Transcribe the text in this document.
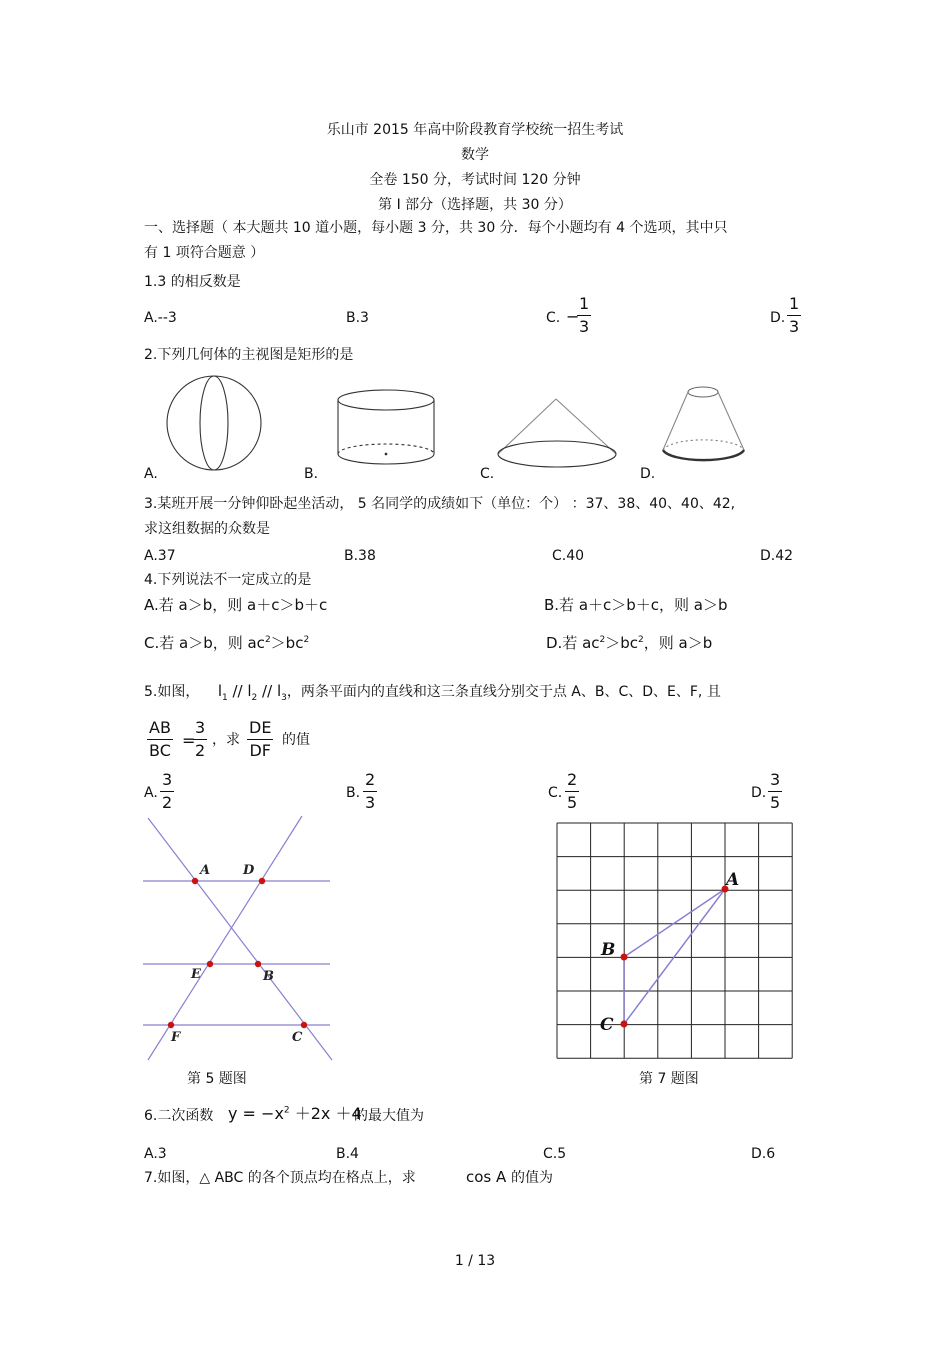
乐山市 2015 年高中阶段教育学校统一招生考试
数学
全卷 150 分，考试时间 120 分钟
第 I 部分（选择题，共 30 分）
一、选择题（ 本大题共 10 道小题，每小题 3 分，共 30 分．每个小题均有 4 个选项，其中只
有 1 项符合题意 ）
1.3 的相反数是
A.--3	B.3	C. −
$\frac{1}{3}$	D. $\frac{1}{3}$
2.下列几何体的主视图是矩形的是
A.	B．	C.	D.
3.某班开展一分钟仰卧起坐活动， 5 名同学的成绩如下（单位：个） ：37、38、40、40、42,
求这组数据的众数是
A.37	B.38	C.40	D.42
4.下列说法不一定成立的是
A.若 a＞b，则 a＋c＞b＋c	B.若 a＋c＞b＋c，则 a＞b
C.若 a＞b，则 $ac^2>bc^2$	D.若 $ac^2>bc^2$，则 a＞b
5.如图， $l_1 // l_2 // l_3$，两条平面内的直线和这三条直线分别交于点 A、B、C、D、E、F, 且
$\frac{AB}{BC}$ =
$\frac{3}{2}$ ，求 $\frac{DE}{DF}$ 的值
A. $\frac{3}{2}$	B. $\frac{2}{3}$	C. $\frac{2}{5}$	D. $\frac{3}{5}$
A	D
E	B
F	C
A
B
C
第 5 题图	第 7 题图
6.二次函数 $y = -x^2 +2x +4$
的最大值为
A.3	B.4	C.5	D.6
7.如图，△ ABC 的各个顶点均在格点上，求	cos A 的值为
1 / 13
